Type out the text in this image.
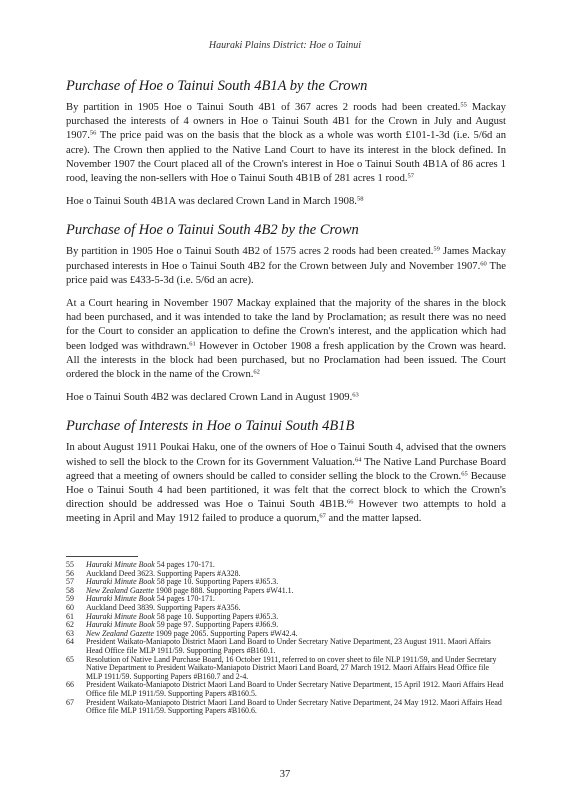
Hauraki Plains District: Hoe o Tainui
Purchase of Hoe o Tainui South 4B1A by the Crown

By partition in 1905 Hoe o Tainui South 4B1 of 367 acres 2 roods had been created.$^{55}$ Mackay purchased the interests of 4 owners in Hoe o Tainui South 4B1 for the Crown in July and August 1907.56 The price paid was on the basis that the block as a whole was worth £101-1-3d (i.e. 5/6d an acre). The Crown then applied to the Native Land Court to have its interest in the block defined. In November 1907 the Court placed all of the Crown's interest in Hoe o Tainui South 4B1A of 86 acres 1 rood, leaving the non-sellers with Hoe o Tainui South 4B1B of 281 acres 1 rood.$^{57}$

Hoe o Tainui South 4B1A was declared Crown Land in March 1908.58

Purchase of Hoe o Tainui South 4B2 by the Crown

By partition in 1905 Hoe o Tainui South 4B2 of 1575 acres 2 roods had been created.$^{59}$ James Mackay purchased interests in Hoe o Tainui South 4B2 for the Crown between July and November 1907.60 The price paid was £433-5-3d (i.e. 5/6d an acre).

At a Court hearing in November 1907 Mackay explained that the majority of the shares in the block had been purchased, and it was intended to take the land by Proclamation; as result there was no need for the Court to consider an application to define the Crown's interest, and the application which had been lodged was withdrawn.$^{61}$ However in October 1908 a fresh application by the Crown was heard. All the interests in the block had been purchased, but no Proclamation had been issued. The Court ordered the block in the name of the Crown.$^{62}$

Hoe o Tainui South 4B2 was declared Crown Land in August 1909.63

Purchase of Interests in Hoe o Tainui South 4B1B

In about August 1911 Poukai Haku, one of the owners of Hoe o Tainui South 4, advised that the owners wished to sell the block to the Crown for its Government Valuation.$^{64}$ The Native Land Purchase Board agreed that a meeting of owners should be called to consider selling the block to the Crown.$^{65}$ Because Hoe o Tainui South 4 had been partitioned, it was felt that the correct block to which the Crown's direction should be addressed was Hoe o Tainui South 4B1B.$^{66}$ However two attempts to hold a meeting in April and May 1912 failed to produce a quorum,$^{67}$ and the matter lapsed.

55	Hauraki Minute Book 54 pages 170-171.
56	Auckland Deed 3623. Supporting Papers #A328.
57	Hauraki Minute Book 58 page 10. Supporting Papers #J65.3.
58	New Zealand Gazette 1908 page 888. Supporting Papers #W41.1.
59	Hauraki Minute Book 54 pages 170-171.
60	Auckland Deed 3839. Supporting Papers #A356.
61	Hauraki Minute Book 58 page 10. Supporting Papers #J65.3.
62	Hauraki Minute Book 59 page 97. Supporting Papers #J66.9.
63	New Zealand Gazette 1909 page 2065. Supporting Papers #W42.4.
64	President Waikato-Maniapoto District Maori Land Board to Under Secretary Native Department, 23 August 1911. Maori Affairs Head Office file MLP 1911/59. Supporting Papers #B160.1.
65	Resolution of Native Land Purchase Board, 16 October 1911, referred to on cover sheet to file NLP 1911/59, and Under Secretary Native Department to President Waikato-Maniapoto District Maori Land Board, 27 March 1912. Maori Affairs Head Office file MLP 1911/59. Supporting Papers #B160.7 and 2-4.
66	President Waikato-Maniapoto District Maori Land Board to Under Secretary Native Department, 15 April 1912. Maori Affairs Head Office file MLP 1911/59. Supporting Papers #B160.5.
67	President Waikato-Maniapoto District Maori Land Board to Under Secretary Native Department, 24 May 1912. Maori Affairs Head Office file MLP 1911/59. Supporting Papers #B160.6.
37
